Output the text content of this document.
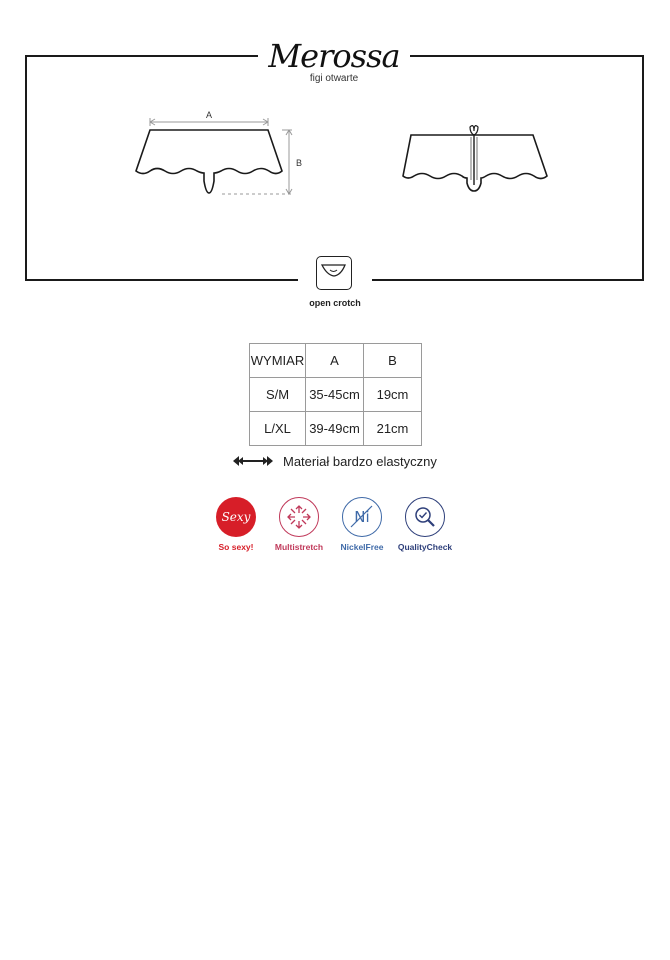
Merossa
figi otwarte
A
B
open crotch
WYMIAR	A	B
S/M	35-45cm	19cm
L/XL	39-49cm	21cm
Materiał bardzo elastyczny
Sexy
So sexy!	Multistretch
Ni
NickelFree	QualityCheck
